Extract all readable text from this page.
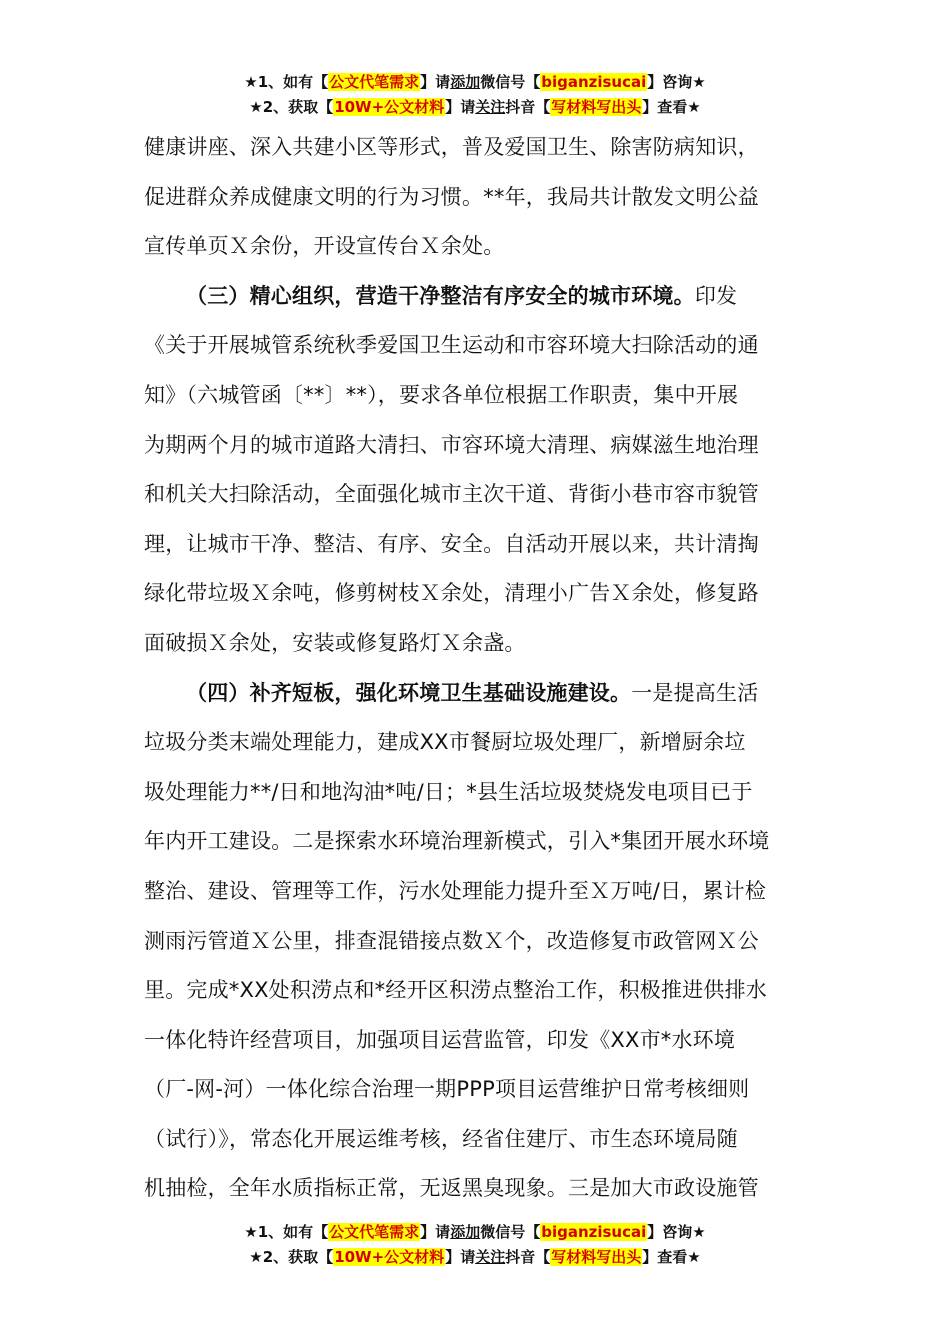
★1、如有【公文代笔需求】请添加微信号【biganzisucai】咨询★
★2、获取【10W+公文材料】请关注抖音【写材料写出头】查看★

健康讲座、深入共建小区等形式，普及爱国卫生、除害防病知识，
促进群众养成健康文明的行为习惯。**年，我局共计散发文明公益
宣传单页Ｘ余份，开设宣传台Ｘ余处。

（三）精心组织，营造干净整洁有序安全的城市环境。印发
《关于开展城管系统秋季爱国卫生运动和市容环境大扫除活动的通
知》（六城管函〔**〕**），要求各单位根据工作职责，集中开展
为期两个月的城市道路大清扫、市容环境大清理、病媒滋生地治理
和机关大扫除活动，全面强化城市主次干道、背街小巷市容市貌管
理，让城市干净、整洁、有序、安全。自活动开展以来，共计清掏
绿化带垃圾Ｘ余吨，修剪树枝Ｘ余处，清理小广告Ｘ余处，修复路
面破损Ｘ余处，安装或修复路灯Ｘ余盏。

（四）补齐短板，强化环境卫生基础设施建设。一是提高生活
垃圾分类末端处理能力，建成XX市餐厨垃圾处理厂，新增厨余垃
圾处理能力**/日和地沟油*吨/日；*县生活垃圾焚烧发电项目已于
年内开工建设。二是探索水环境治理新模式，引入*集团开展水环境
整治、建设、管理等工作，污水处理能力提升至Ｘ万吨/日，累计检
测雨污管道Ｘ公里，排查混错接点数Ｘ个，改造修复市政管网Ｘ公
里。完成*XX处积涝点和*经开区积涝点整治工作，积极推进供排水
一体化特许经营项目，加强项目运营监管，印发《XX市*水环境
（厂-网-河）一体化综合治理一期PPP项目运营维护日常考核细则
（试行）》，常态化开展运维考核，经省住建厅、市生态环境局随
机抽检，全年水质指标正常，无返黑臭现象。三是加大市政设施管

★1、如有【公文代笔需求】请添加微信号【biganzisucai】咨询★
★2、获取【10W+公文材料】请关注抖音【写材料写出头】查看★
